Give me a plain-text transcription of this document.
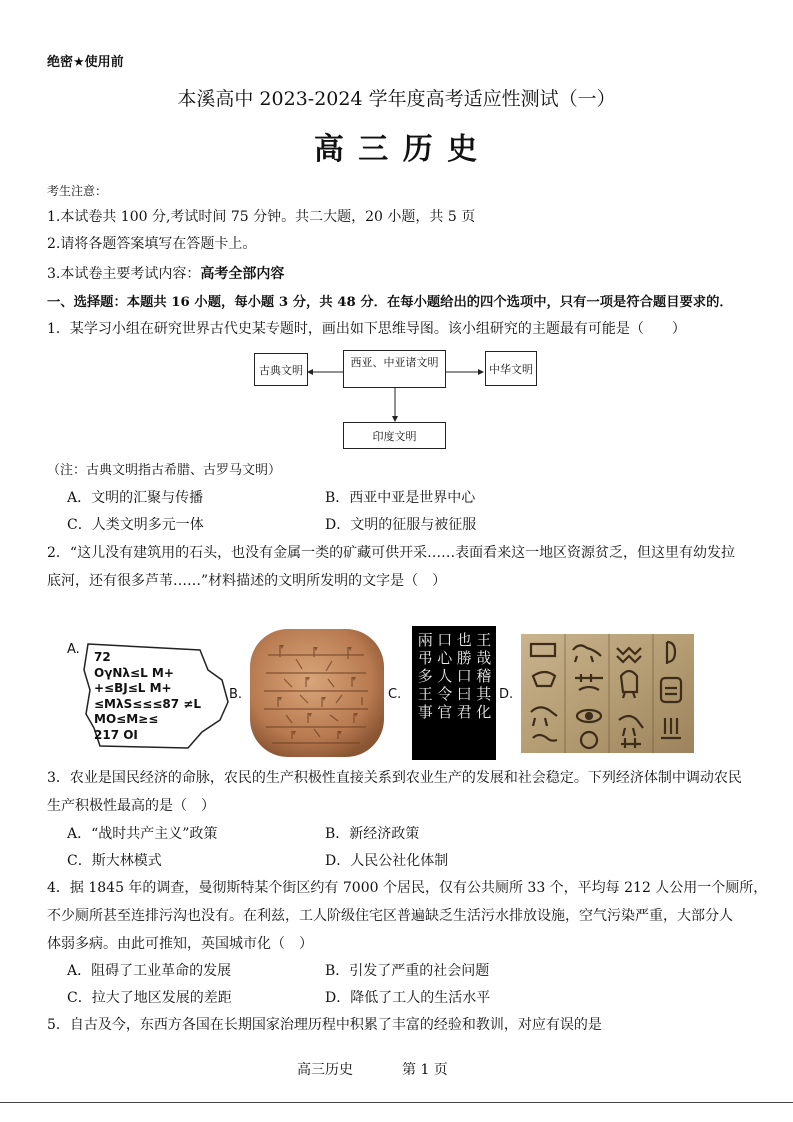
绝密★使用前
本溪高中 2023-2024 学年度高考适应性测试（一）
高 三 历 史
考生注意：
1.本试卷共 100 分,考试时间 75 分钟。共二大题，20 小题，共 5 页
2.请将各题答案填写在答题卡上。
3.本试卷主要考试内容：高考全部内容
一、选择题：本题共 16 小题，每小题 3 分，共 48 分．在每小题给出的四个选项中，只有一项是符合题目要求的．
1．某学习小组在研究世界古代史某专题时，画出如下思维导图。该小组研究的主题最有可能是（　　）
古典文明
西亚、中亚诸文明	中华文明
印度文明
（注：古典文明指古希腊、古罗马文明）
A．文明的汇聚与传播	B．西亚中亚是世界中心
C．人类文明多元一体	D．文明的征服与被征服
2．“这儿没有建筑用的石头，也没有金属一类的矿藏可供开采……表面看来这一地区资源贫乏，但这里有幼发拉
底河，还有很多芦苇……”材料描述的文明所发明的文字是（　）
A. 72
OγNλ≤L M+
+≤BJ≤L M+
≤MλS≤≤≤87 ≠L
MO≤M≥≤
217 OΙ
B.	C.	王哉稽其化
也勝口曰君
口心人令官
兩弔多王事	D.
3．农业是国民经济的命脉，农民的生产积极性直接关系到农业生产的发展和社会稳定。下列经济体制中调动农民
生产积极性最高的是（　）
A．“战时共产主义”政策	B．新经济政策
C．斯大林模式	D．人民公社化体制
4．据 1845 年的调查，曼彻斯特某个街区约有 7000 个居民，仅有公共厕所 33 个，平均每 212 人公用一个厕所，
不少厕所甚至连排污沟也没有。在利兹，工人阶级住宅区普遍缺乏生活污水排放设施，空气污染严重，大部分人
体弱多病。由此可推知，英国城市化（　）
A．阻碍了工业革命的发展	B．引发了严重的社会问题
C．拉大了地区发展的差距	D．降低了工人的生活水平
5．自古及今，东西方各国在长期国家治理历程中积累了丰富的经验和教训，对应有误的是
高三历史	第 1 页
